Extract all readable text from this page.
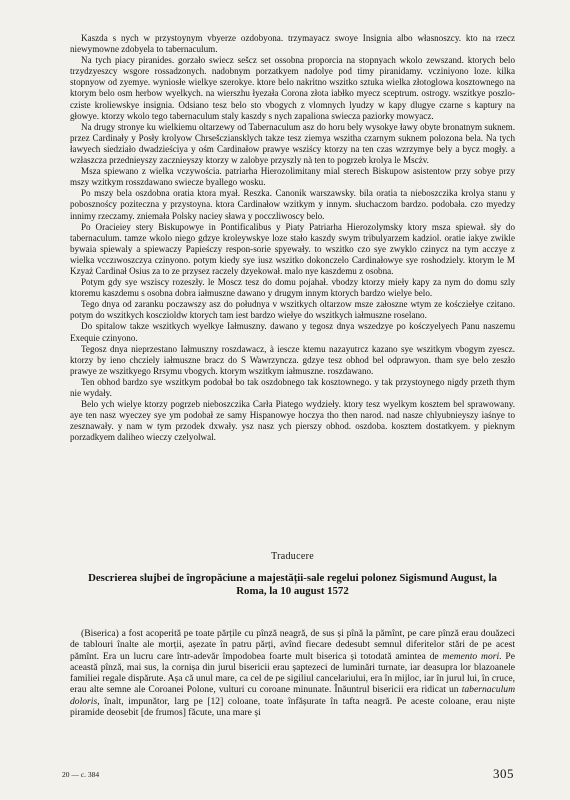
Kaszda s nych w przystoynym vbyerze ozdobyona. trzymayacz swoye Insignia albo własnoszcy. kto na rzecz niewymowne zdobyela to tabernaculum.

Na tych piacy piranides. gorzało swiecz sešcz set ossobna proporcia na stopnyach wkolo zewszand. ktorych belo trzydzyeszcy wsgore rossadzonych. nadobnym porzatkyem nadolye pod timy piranidamy. vcziniyono loze. kilka stopnyow od zyemye. wyniosłe wielkye szerokye. ktore belo nakritno wszitko sztuka wielka złotoglowa kosztownego na ktorym belo osm herbow wyelkych. na wierszhu łyezała Corona złota iabłko myecz sceptrum. ostrogy. wszitkye poszlo-cziste kroliewskye insignia. Odsiano tesz belo sto vbogych z vlomnych lyudzy w kapy dlugye czarne s kaptury na głowye. ktorzy wkolo tego tabernaculum staly kaszdy s nych zapaliona swiecza paziorky mowyacz.

Na drugy stronye ku wielkiemu oltarzewy od Tabernaculum asz do horu bely wysokye ławy obyte bronatnym suknem. przez Cardinały y Posły krolyow Chrsešcziansklych takze tesz ziemya wszitha czarnym suknem polozona bela. Na tych ławyech siedziało dwadzieściya y ośm Cardinałow prawye wsziścy ktorzy na ten czas wzrzymye bely a bycz mogły. a wzłaszcza przednieyszy zacznieyszy ktorzy w zalobye przyszly nà ten to pogrzeb krolya le Mscżv.

Msza spiewano z wielka vczywościa. patriarha Hierozolimitany mial sterech Biskupow asistentow przy sobye przy mszy wzitkym rosszdawano swiecze byallego wosku.

Po mszy bela oszdobna oratia ktora myał. Reszka. Canonik warszawsky. bila oratia ta nieboszczika krolya stanu y pobosznoścy poziteczna y przystoyna. ktora Cardinałow wzitkym y innym. słuchaczom bardzo. podobała. czo myedzy innimy rzeczamy. zniemała Polsky naciey sława y pocczliwoscy belo.

Po Oracieiey stery Biskupowye in Pontificalibus y Piaty Patriarha Hierozolymsky ktory msza spiewał. sły do tabernaculum. tamze wkolo niego gdzye kroleywskye loze stało kaszdy swym tribulyarzem kadziol. oratie iakye zwikle bywaia spiewaly a spiewaczy Papieśczy respon-sorie spyewały. to wszitko czo sye zwyklo czinycz na tym acczye z wielka vcczıwoszczya czinyono. potym kiedy sye iusz wszitko dokonczelo Cardinałowye sye roshodziely. ktorym le M Kzyaż Cardinał Osius za to ze przysez raczely dzyekował. malo nye kaszdemu z osobna.

Potym gdy sye wsziscy rozeszły. le Moscz tesz do domu pojahał. vbodzy ktorzy mieły kapy za nym do domu szly ktoremu kaszdemu s osobna dobra iałmuszne dawano y drugym innym ktorych bardzo wielye belo.

Tego dnya od zaranku poczawszy asz do połudnya v wszitkych oltarzow msze załoszne wtym ze koścziełye czitano. potym do wszitkych kosczioldw ktorych tam iest bardzo wiełye do wszitkych iałmuszne roselano.

Do spitalow takze wszitkych wyelkye Iałmuszny. dawano y tegosz dnya wszedzye po kośczyelyech Panu naszemu Exequie czinyono.

Tegosz dnya nieprzestano Iałmuszny roszdawacz, à iescze ktemu nazayutrcz kazano sye wszitkym vbogym zyescz. ktorzy by ieno chcziely iałmuszne bracz do S Wawrzyncza. gdzye tesz obhod bel odprawyon. tham sye belo zeszło prawye ze wszitkyego Rrsymu vbogych. ktorym wszitkym iałmuszne. roszdawano.

Ten obhod bardzo sye wszitkym podobał bo tak oszdobnego tak kosztownego. y tak przystoynego nigdy przeth thym nie wydały.

Belo ych wielye ktorzy pogrzeb nieboszczika Carła Piatego wydzieły. ktory tesz wyelkym kosztem bel sprawowany. aye ten nasz wyeczey sye ym podobał ze samy Hispanowye hoczya tho then narod. nad nasze chlyubnieyszy iaśnye to zesznawały. y nam w tym przodek dxwały. ysz nasz ych pierszy obhod. oszdoba. kosztem dostatkyem. y pieknym porzadkyem daliheo wieczy czelyolwal.

Traducere
Descrierea slujbei de îngropăciune a majestății-sale regelui polonez Sigismund August, la Roma, la 10 august 1572

(Biserica) a fost acoperită pe toate părțile cu pînză neagră, de sus și pînă la pămînt, pe care pînză erau douăzeci de tablouri înalte ale morții, așezate în patru părți, avînd fiecare dedesubt semnul diferitelor stări de pe acest pămînt. Era un lucru care într-adevăr împodobea foarte mult biserica și totodată amintea de memento mori. Pe această pînză, mai sus, la cornișa din jurul bisericii erau șaptezeci de luminări turnate, iar deasupra lor blazoanele familiei regale dispărute. Așa că unul mare, ca cel de pe sigiliul cancelariului, era în mijloc, iar în jurul lui, în cruce, erau alte semne ale Coroanei Polone, vulturi cu coroane minunate. Înăuntrul bisericii era ridicat un tabernaculum doloris, înalt, impunător, larg pe [12] coloane, toate înfășurate în tafta neagră. Pe aceste coloane, erau niște piramide deosebit [de frumos] făcute, una mare și

20 — c. 384	305
